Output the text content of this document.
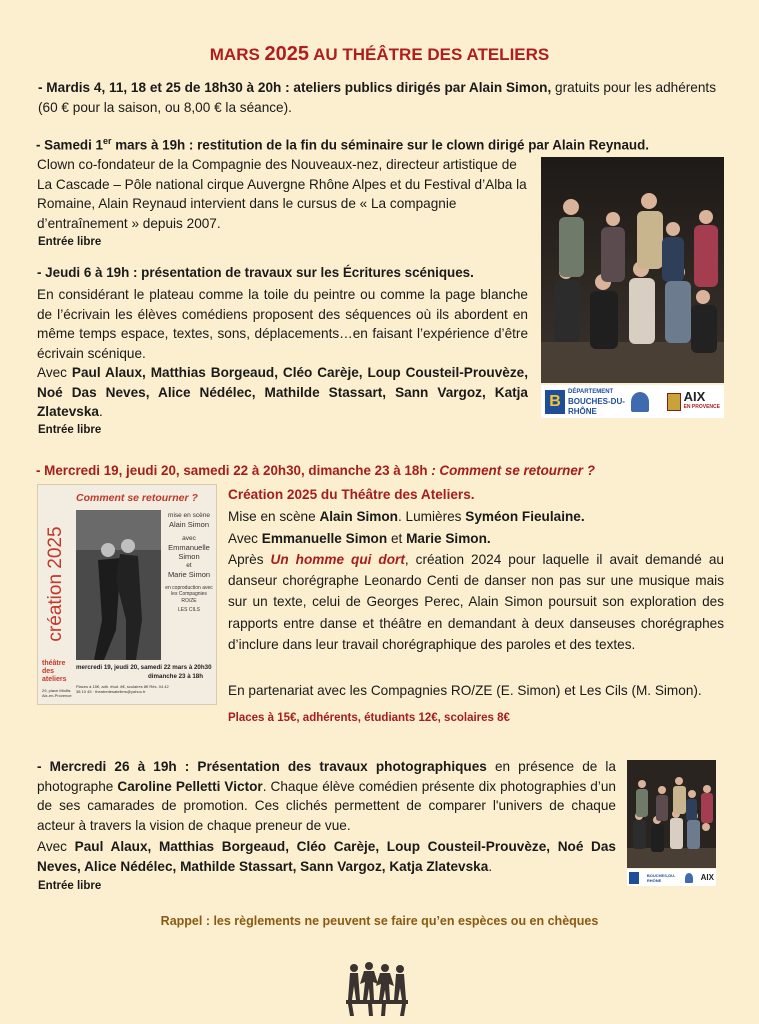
MARS 2025 AU THÉÂTRE DES ATELIERS
- Mardis 4, 11, 18 et 25 de 18h30 à 20h : ateliers publics dirigés par Alain Simon, gratuits pour les adhérents (60 € pour la saison, ou 8,00 € la séance).
- Samedi 1er mars à 19h : restitution de la fin du séminaire sur le clown dirigé par Alain Reynaud.
Clown co-fondateur de la Compagnie des Nouveaux-nez, directeur artistique de La Cascade – Pôle national cirque Auvergne Rhône Alpes et du Festival d’Alba la Romaine, Alain Reynaud intervient dans le cursus de « La compagnie d’entraînement » depuis 2007.
Entrée libre
B
DÉPARTEMENT
BOUCHES-DU-RHÔNE
AIX
EN PROVENCE
- Jeudi 6 à 19h : présentation de travaux sur les Écritures scéniques.
En considérant le plateau comme la toile du peintre ou comme la page blanche de l’écrivain les élèves comédiens proposent des séquences où ils abordent en même temps espace, textes, sons, déplacements…en faisant l’expérience d’être écrivain scénique.
Avec Paul Alaux, Matthias Borgeaud, Cléo Carèje, Loup Cousteil-Prouvèze, Noé Das Neves, Alice Nédélec, Mathilde Stassart, Sann Vargoz, Katja Zlatevska.
Entrée libre
- Mercredi 19, jeudi 20, samedi 22 à 20h30, dimanche 23 à 18h : Comment se retourner ?
Comment se retourner ?
création 2025
mise en scène
Alain Simon
avec
Emmanuelle
Simon
et
Marie Simon
en coproduction avec les Compagnies
RO/ZE
LES CILS
théâtre des ateliers
mercredi 19, jeudi 20, samedi 22 mars à 20h30
dimanche 23 à 18h
29, place Miollis Aix-en-Provence
Places à 15€, adh. étud. 8€, scolaires 8€ Rés. 04 42 38 10 45 · theatredesateliers@yahoo.fr
Création 2025 du Théâtre des Ateliers.
Mise en scène Alain Simon. Lumières Syméon Fieulaine.
Avec Emmanuelle Simon et Marie Simon.
Après Un homme qui dort, création 2024 pour laquelle il avait demandé au danseur chorégraphe Leonardo Centi de danser non pas sur une musique mais sur un texte, celui de Georges Perec, Alain Simon poursuit son exploration des rapports entre danse et théâtre en demandant à deux danseuses chorégraphes d’inclure dans leur travail chorégraphique des paroles et des textes.
En partenariat avec les Compagnies RO/ZE (E. Simon) et Les Cils (M. Simon).
Places à 15€, adhérents, étudiants 12€, scolaires 8€
- Mercredi 26 à 19h : Présentation des travaux photographiques en présence de la photographe Caroline Pelletti Victor. Chaque élève comédien présente dix photographies d’un de ses camarades de promotion. Ces clichés permettent de comparer l'univers de chaque acteur à travers la vision de chaque preneur de vue.
Avec Paul Alaux, Matthias Borgeaud, Cléo Carèje, Loup Cousteil-Prouvèze, Noé Das Neves, Alice Nédélec, Mathilde Stassart, Sann Vargoz, Katja Zlatevska.
Entrée libre
BOUCHES-DU-RHÔNE	AIX
Rappel : les règlements ne peuvent se faire qu’en espèces ou en chèques
